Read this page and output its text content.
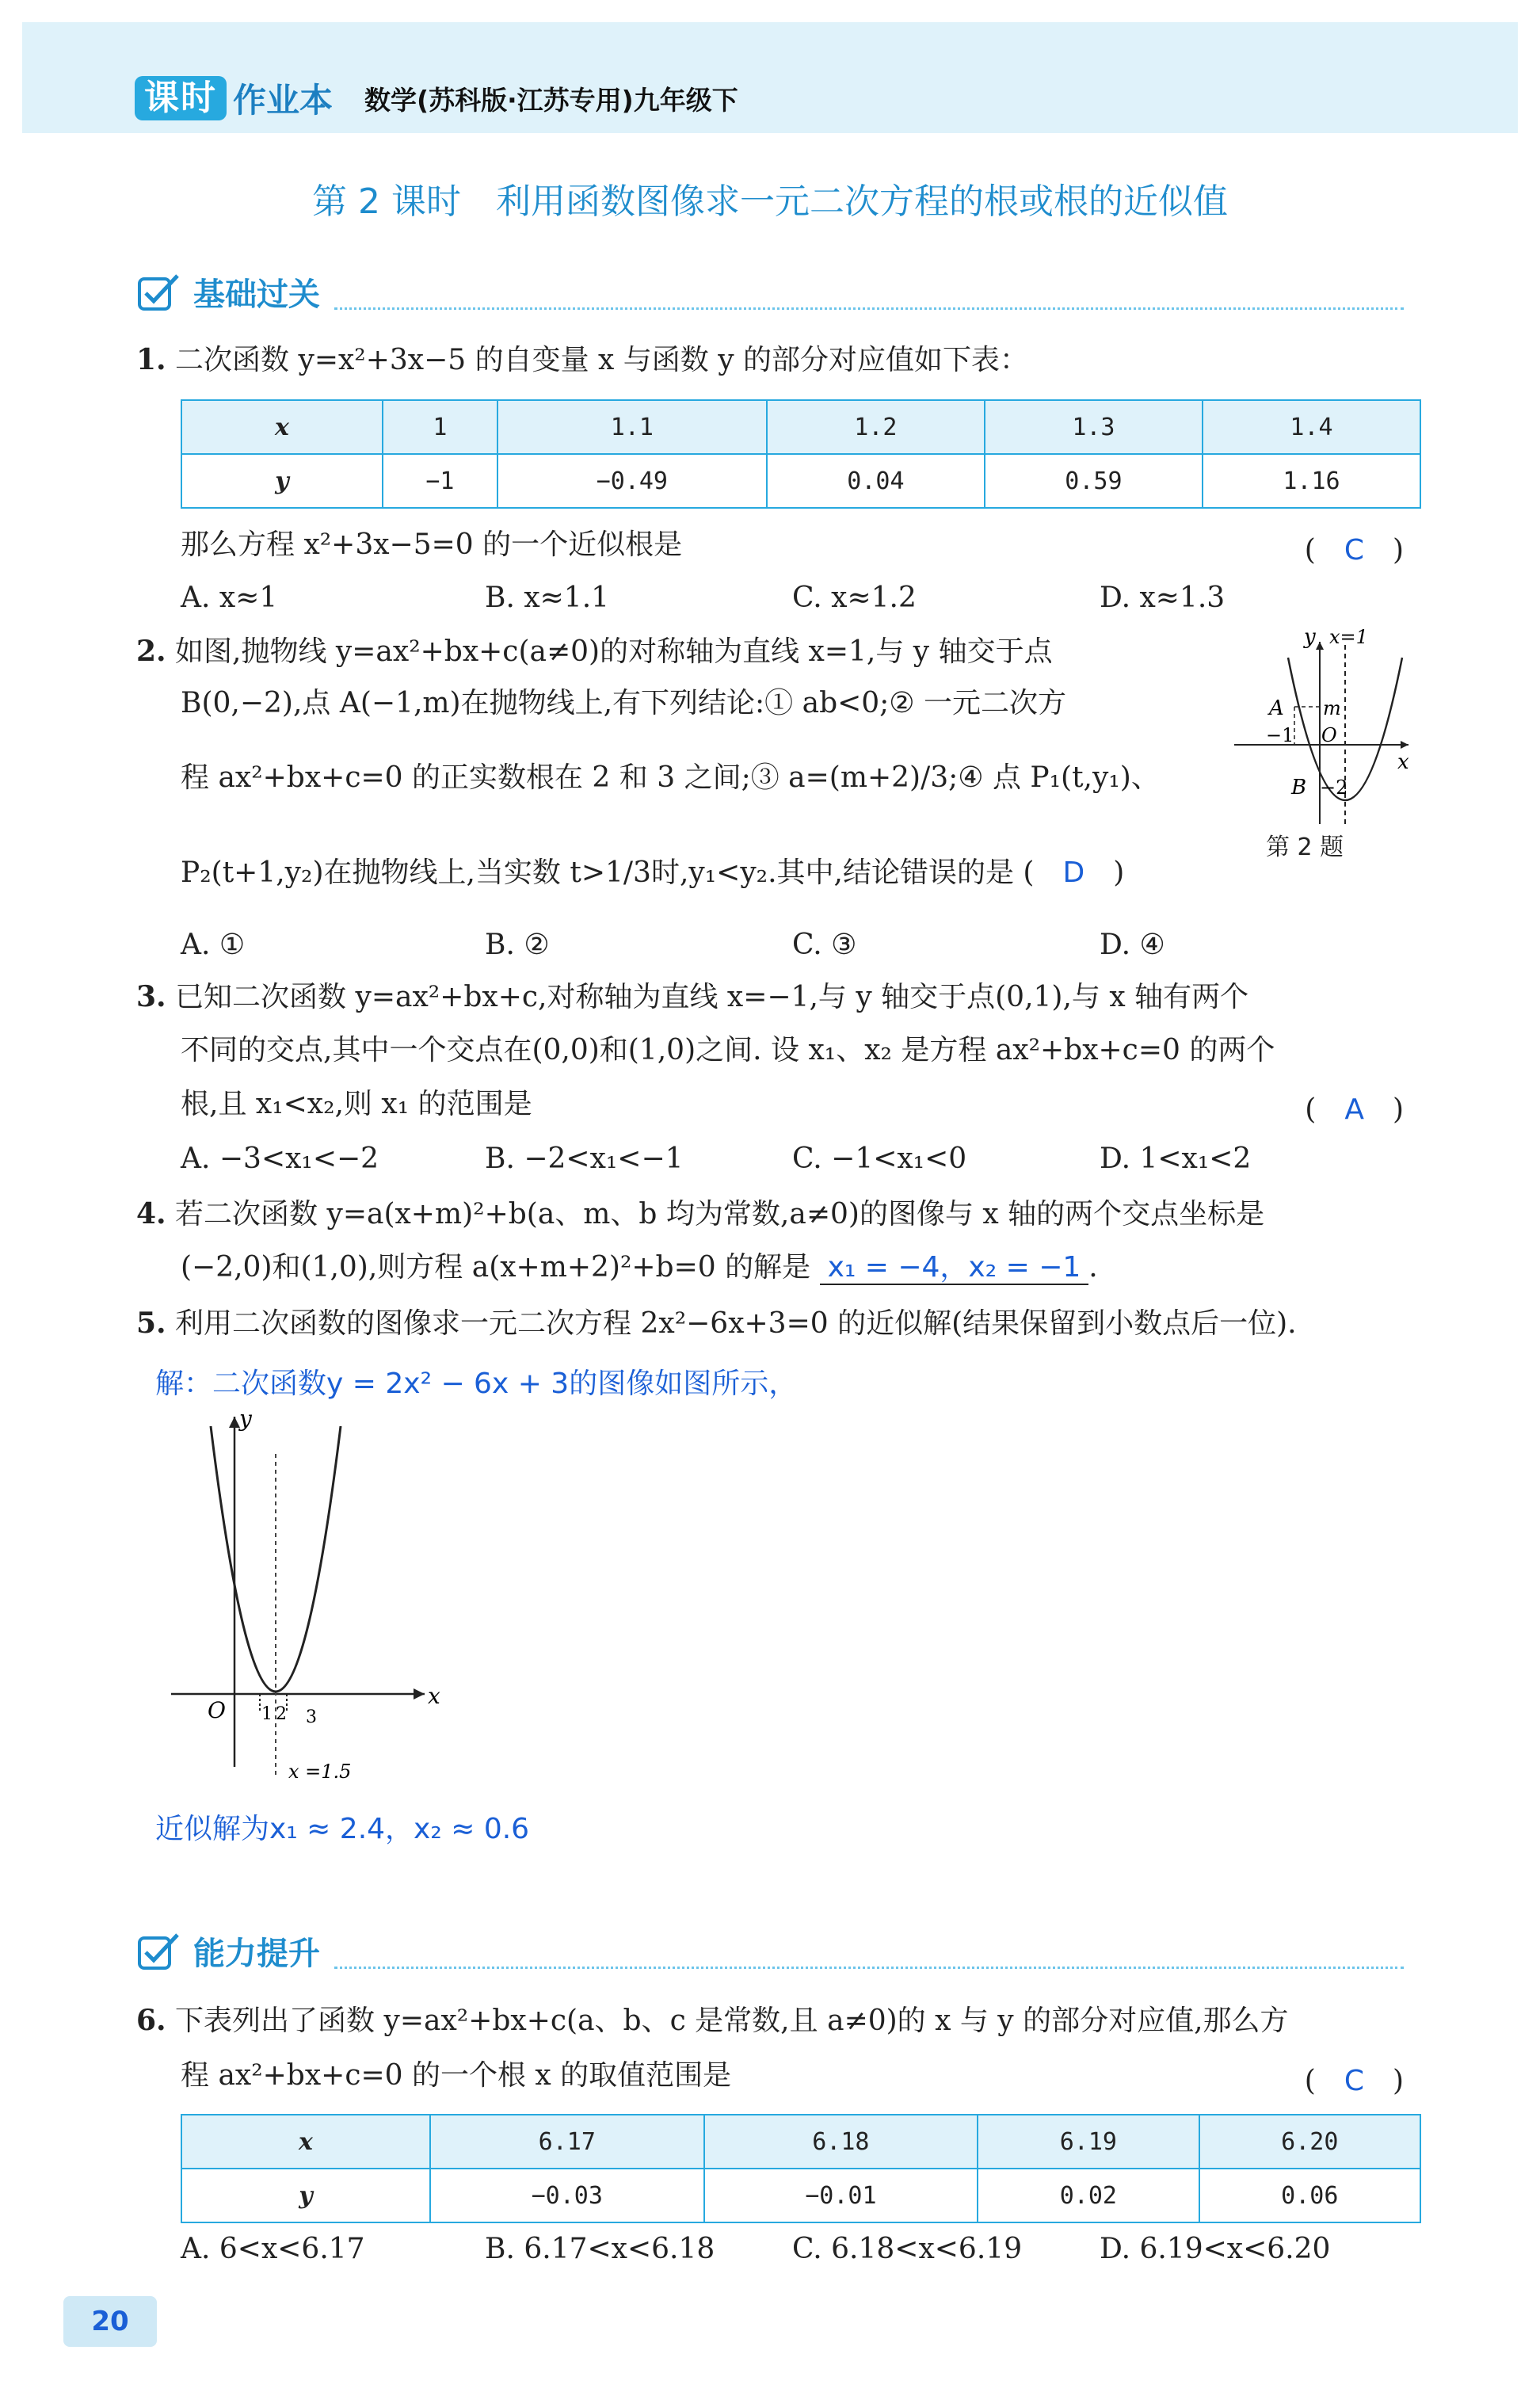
课时 作业本 数学(苏科版·江苏专用)九年级下
第 2 课时　利用函数图像求一元二次方程的根或根的近似值
基础过关
1. 二次函数 y=x²+3x−5 的自变量 x 与函数 y 的部分对应值如下表：
x	1	1.1	1.2	1.3	1.4
y	−1	−0.49	0.04	0.59	1.16
那么方程 x²+3x−5=0 的一个近似根是	(　C　)
A. x≈1	B. x≈1.1	C. x≈1.2	D. x≈1.3
2. 如图,抛物线 y=ax²+bx+c(a≠0)的对称轴为直线 x=1,与 y 轴交于点
B(0,−2),点 A(−1,m)在抛物线上,有下列结论:① ab<0;② 一元二次方
程 ax²+bx+c=0 的正实数根在 2 和 3 之间;③ a=(m+2)/3;④ 点 P₁(t,y₁)、
P₂(t+1,y₂)在抛物线上,当实数 t>1/3时,y₁<y₂.其中,结论错误的是 (　D　)
A. ①	B. ②	C. ③	D. ④
y x=1
x
A m
−1 O
B −2
第 2 题
3. 已知二次函数 y=ax²+bx+c,对称轴为直线 x=−1,与 y 轴交于点(0,1),与 x 轴有两个
不同的交点,其中一个交点在(0,0)和(1,0)之间. 设 x₁、x₂ 是方程 ax²+bx+c=0 的两个
根,且 x₁<x₂,则 x₁ 的范围是	(　A　)
A. −3<x₁<−2	B. −2<x₁<−1	C. −1<x₁<0	D. 1<x₁<2
4. 若二次函数 y=a(x+m)²+b(a、m、b 均为常数,a≠0)的图像与 x 轴的两个交点坐标是
(−2,0)和(1,0),则方程 a(x+m+2)²+b=0 的解是 x₁ = −4，x₂ = −1 .
5. 利用二次函数的图像求一元二次方程 2x²−6x+3=0 的近似解(结果保留到小数点后一位).
解：二次函数y = 2x² − 6x + 3的图像如图所示，
y
x
O 1 2 3
x =1.5
近似解为x₁ ≈ 2.4，x₂ ≈ 0.6
能力提升
6. 下表列出了函数 y=ax²+bx+c(a、b、c 是常数,且 a≠0)的 x 与 y 的部分对应值,那么方
程 ax²+bx+c=0 的一个根 x 的取值范围是	(　C　)
x	6.17	6.18	6.19	6.20
y	−0.03	−0.01	0.02	0.06
A. 6<x<6.17	B. 6.17<x<6.18	C. 6.18<x<6.19	D. 6.19<x<6.20
20
